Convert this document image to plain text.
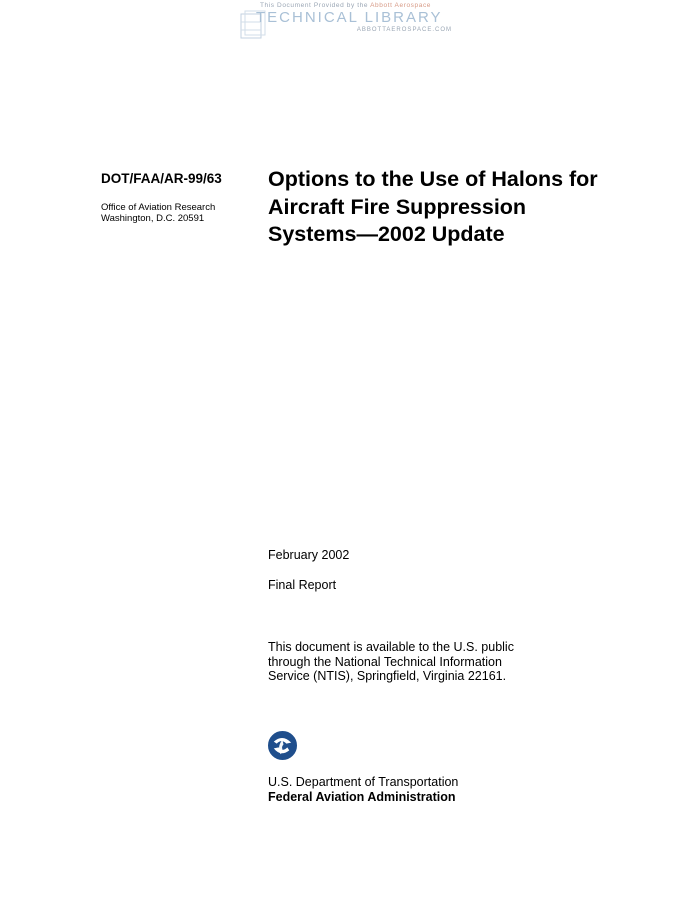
This Document Provided by the Abbott Aerospace
TECHNICAL LIBRARY
ABBOTTAEROSPACE.COM
DOT/FAA/AR-99/63
Office of Aviation Research
Washington, D.C. 20591
Options to the Use of Halons for
Aircraft Fire Suppression
Systems—2002 Update
February 2002
Final Report
This document is available to the U.S. public
through the National Technical Information
Service (NTIS), Springfield, Virginia 22161.
U.S. Department of Transportation
Federal Aviation Administration
